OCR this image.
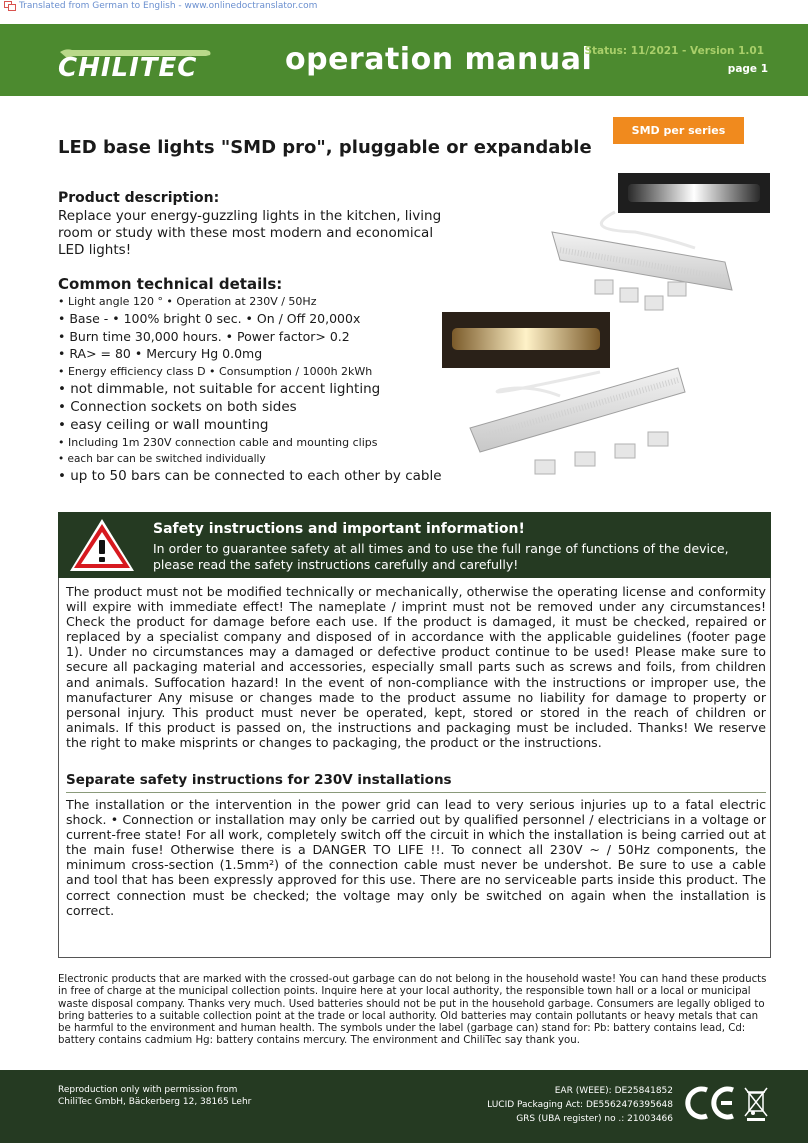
Translated from German to English - www.onlinedoctranslator.com
CHILITEC	operation manual
Status: 11/2021 - Version 1.01
page 1
SMD per series
LED base lights "SMD pro", pluggable or expandable
Product description:
Replace your energy-guzzling lights in the kitchen, living room or study with these most modern and economical LED lights!
Common technical details:
• Light angle 120 ° • Operation at 230V / 50Hz
• Base - • 100% bright 0 sec. • On / Off 20,000x
• Burn time 30,000 hours. • Power factor> 0.2
• RA> = 80 • Mercury Hg 0.0mg
• Energy efficiency class D • Consumption / 1000h 2kWh
• not dimmable, not suitable for accent lighting
• Connection sockets on both sides
• easy ceiling or wall mounting
• Including 1m 230V connection cable and mounting clips
• each bar can be switched individually
• up to 50 bars can be connected to each other by cable
Safety instructions and important information!
In order to guarantee safety at all times and to use the full range of functions of the device, please read the safety instructions carefully and carefully!
The product must not be modified technically or mechanically, otherwise the operating license and conformity will expire with immediate effect! The nameplate / imprint must not be removed under any circumstances! Check the product for damage before each use. If the product is damaged, it must be checked, repaired or replaced by a specialist company and disposed of in accordance with the applicable guidelines (footer page 1). Under no circumstances may a damaged or defective product continue to be used! Please make sure to secure all packaging material and accessories, especially small parts such as screws and foils, from children and animals. Suffocation hazard! In the event of non-compliance with the instructions or improper use, the manufacturer Any misuse or changes made to the product assume no liability for damage to property or personal injury. This product must never be operated, kept, stored or stored in the reach of children or animals. If this product is passed on, the instructions and packaging must be included. Thanks! We reserve the right to make misprints or changes to packaging, the product or the instructions.
Separate safety instructions for 230V installations
The installation or the intervention in the power grid can lead to very serious injuries up to a fatal electric shock. • Connection or installation may only be carried out by qualified personnel / electricians in a voltage or current-free state! For all work, completely switch off the circuit in which the installation is being carried out at the main fuse! Otherwise there is a DANGER TO LIFE !!. To connect all 230V ~ / 50Hz components, the minimum cross-section (1.5mm²) of the connection cable must never be undershot. Be sure to use a cable and tool that has been expressly approved for this use. There are no serviceable parts inside this product. The correct connection must be checked; the voltage may only be switched on again when the installation is correct.
Electronic products that are marked with the crossed-out garbage can do not belong in the household waste! You can hand these products in free of charge at the municipal collection points. Inquire here at your local authority, the responsible town hall or a local or municipal waste disposal company. Thanks very much. Used batteries should not be put in the household garbage. Consumers are legally obliged to bring batteries to a suitable collection point at the trade or local authority. Old batteries may contain pollutants or heavy metals that can be harmful to the environment and human health. The symbols under the label (garbage can) stand for: Pb: battery contains lead, Cd: battery contains cadmium Hg: battery contains mercury. The environment and ChiliTec say thank you.
Reproduction only with permission from
ChiliTec GmbH, Bäckerberg 12, 38165 Lehr
EAR (WEEE): DE25841852
LUCID Packaging Act: DE5562476395648
GRS (UBA register) no .: 21003466
